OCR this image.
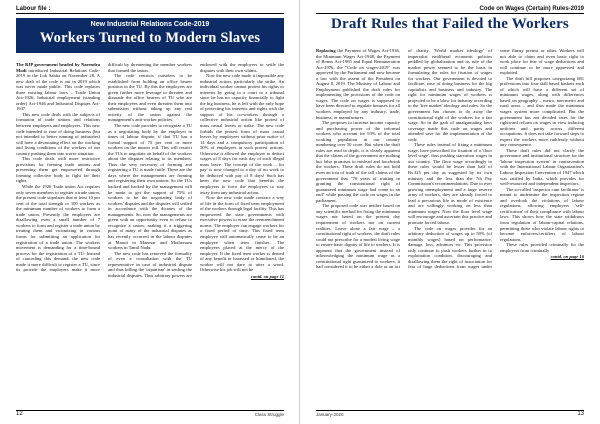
Labour file :
New Industrial Relations Code-2019
Workers Turned to Modern Slaves

The BJP government headed by Narendra Modi introduced Industrial Relations Code-2019 in the Lok Sabha on November 28. A new draft of the code is out in 2019 which was never made public. This code replaces three existing labour laws – Trade Union Act-1926, Industrial employment (standing order) Act-1946 and Industrial Disputes Act-1947.

This new code deals with the subjects of formation of trade unions and relations between employers and employees. This new code intended to ease of doing business (but not intended to better running of industries) will have a devastating effect on the working and living conditions of the workers of our country pushing them into worse situation.

This code deals with more restrictive provisions for forming trade unions and preventing them get empowered through forming collective body to fight for their rights.

While the 1926 Trade union Act requires only seven members to register a trade union, the present code stipulates that at least 10 per cent of the total strength or 100 workers as the minimum number of workers to form a trade union. Presently the employers are disallowing even a small number of 7 workers to form and register a trade union by treating them and victimizing in various forms for submitting an application for registration of a trade union. The workers movement is demanding for a time-bound process for the registration of a TU. Instead of conceding this demand, the new code made it more difficult to register a TU, since its provide the employers make it more difficult by threatening the member workers that formed the union.

The code restricts outsiders to be established from holding an office bearer position in the TU. By this the employers are given further more leverage to threaten and dissuade the office bearers of TU who are their employees and even threaten them into submission without taking up any real activity of the union against the management's anti-worker policies.

The new code provides to recognize a TU as a negotiating body by the employer in times of labour dispute, if that TU has a formal support of 75 per cent or more workers on the muster roll. This will restrict the TUs to negotiate on behalf of the workers about the disputes relating to its members. Thus the very necessity of forming and registering a TU is made futile. These are the days where the managements are forming and registering their own unions. So the TUs backed and backed by the management will be made to get the support of 75% of workers to be the negotiating body of workers' disputes and the disputes will settled in accordance with the dictates of the managements. So, now the managements are given with an opportunity even to refuse to recognize a union, making it a triggering point of many of the industrial disputes as has recently occurred in the labour disputes at Maruti in Manesar and Mothersum workers in Tamil Nadu.

The new code has removed the formality of even a consultation with the TU representative in case of industrial dispute and thus killing the 'tripartism' in settling the industrial disputes. Thus arbitrary powers are endowed with the employers to settle the disputes with their own whims.

Now the new code made it impossible any industrial action, particularly the strike. An individual worker cannot protest his rights or interests by going to a court or a tribunal since he has no capacity financially to fight the big business, he is left with the only hope of protecting his interests and rights with the support of his co-workers through a collective industrial action like protest of mass casual leaves or strike. The new code forbids the protest form of mass casual leaves by employees without prior notice of 14 days and a compulsory participation of 50% of employees in such protest actions. Otherwise it allowed the employer to deduct wages of 8 days for each day of such illegal mass leave. The concept of the work – for pay' is now changed to a day of no work to be deducted with pay of 8 days! Such has been the new code that benefits the employers to force the employees to stay away from any industrial action.

Now the new code made contract a way of life in the form of fixed term employment of the workers through legal facility. This has empowered the state governments with executive powers to erase the reentrenchment norms. The employer can engage workers for a fixed period of time. This fixed term employee will automatically cease to be an employee when term finishes. The employees placed at the mercy of the employer. If the fixed term worker is denied of any benefit or harassed or humiliated, the worker will not dare to utter a word. Otherwise his job will not be

contd. on page 11
12	Class Struggle
Code on Wages (Certain) Rules-2019
Draft Rules that Failed the Workers

Replacing the Payment of Wages Act-1936, the Minimum Wages Act-1948, the Payment of Bonus Act-1965 and Equal Remuneration Act-1976, the "Code on wages-2019" was approved by the Parliament and now became a law with the assent of the President on August 8, 2019. The Ministry of Labour and Employment published the draft rules for implementing the provisions of the code on wages. The code on wages is supposed to have been directed to regulate bonuses for all workers employed by any industry, trade, business, or manufacturer.

The proposes to increase income capacity and purchasing power of the informal workers who account for 93% of the total working population in our country numbering over 50 crore. But when the draft rules are read in depth, it is clearly apparent that the claims of the government are nothing but false promises to mislead and hoodwink the workers. These draft rules do not hold even an iota of truth of the tall claims of the government that "70 years of waiting in granting the constitutional right of guaranteed minimum wage had come to an end" while passing the code on wages in the parliament.

The proposed code was neither based on any scientific method for fixing the minimum wages nor based on the present day requirement of workers nor on current realities. Leave alone a fair wage – a constitutional right of workers, the draft rules could not prescribe for a modest living wage to ensure basic dignity of life to workers. It is apparent that the government instead of acknowledging the minimum wage as a constitutional right guaranteed to workers, it had considered it to be either a dole or an act of charity. 'World market ideology' of imperialist neoliberal economic policies peddled by globalization and its rule of the market power seemed to be the basis in formulating the rules for fixation of wages for workers. Our government is devoted to facilitate, ease of doing business for the big capitalists and business and industry. The right for minimum wages of workers is projected to be a blow for industry according to the 'free market' ideology and rules. So the government has chosen to do away the constitutional right of the workers for a fair wage. So in the garb of amalgamating laws coverage made this code on wages and attended save for the implementation of the code.

These rules instead of fixing a minimum wage, have prescribed for fixation of a 'floor level wage', thus pushing starvation wages in our country. The floor wage accordingly to these rules would be lesser than half of Rs.325 per day as suggested by its own ministry and the less than the 7th Pay Commission's recommendations. Due to ever growing unemployment and a large reserve army of workers, they are already forced to lead a precarious life as mode of existence and are willingly working on less than minimum wages. Now the floor level wage will encourage and ascertain this practice and promote forced labour.

The code on wages provides for an arbitrary deduction of wages up to 50% (of monthly wages) based on performance, damage, loss, advances etc. This provision only continue to push workers further in to exploitation condition, discouraging and disallowing them the right of association for fear of huge deductions from wages under some flimsy pretext or other. Workers will not able to claim and even basic right to work place for fear of wage deductions and will continue to be more oppressed and exploited.

The draft bill proposes categorizing 681 professions into four skill based baskets each of which will have a different set of minimum wages, along with differences based on geography – metro, non-metro and rural areas – and thus made the minimum wages system more complicated. But the government has not decided rates for the rightward reform on wages in view inducing uniform and parity across different occupations. It does not take forward steps to expect the workers more ruthlessly without any consequence.

These draft rules did not clarify the governance and institutional structure for the 'labour inspection system' in contravention with the International Labour Organization's Labour Inspection Convention of 1947 which was ratified by India, which provides for well-resourced and independent inspectors.

The so-called 'inspector cum facilitator' is meant to undermine the inspection regime and overlook the violations of labour regulations, allowing employers 'self-certification' of their compliance with labour laws. This shows how the state withdraws from regulation of labour-capital relations, permitting those who violate labour rights to become enforcers/certifiers of labour regulations.

These rules provided criminally for the employers from criminally

contd. on page 16
January-2020	13
